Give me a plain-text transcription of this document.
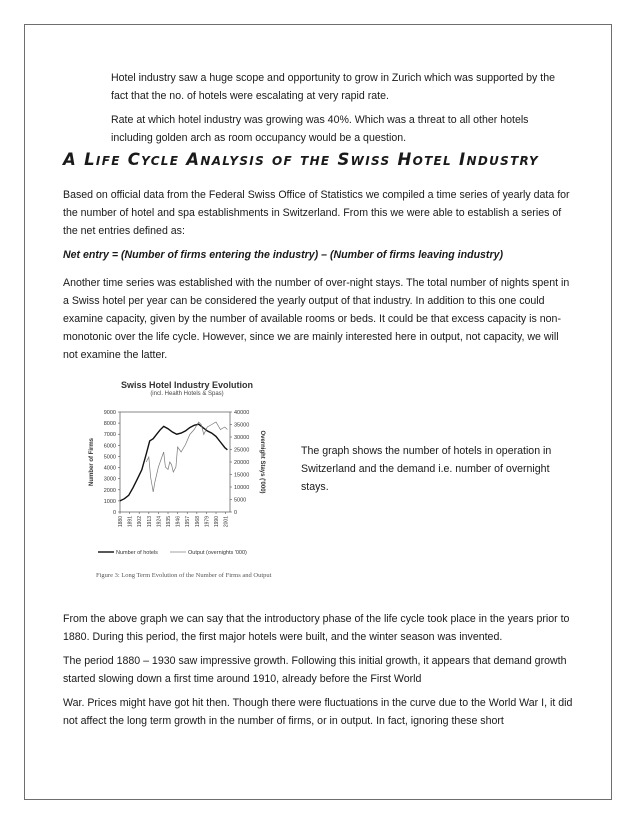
Hotel industry saw a huge scope and opportunity to grow in Zurich which was supported by the fact that the no. of hotels were escalating at very rapid rate.

Rate at which hotel industry was growing was 40%. Which was a threat to all other hotels including golden arch as room occupancy would be a question.

A Life Cycle Analysis of the Swiss Hotel Industry

Based on official data from the Federal Swiss Office of Statistics we compiled a time series of yearly data for the number of hotel and spa establishments in Switzerland. From this we were able to establish a series of the net entries defined as:

Net entry = (Number of firms entering the industry) – (Number of firms leaving industry)

Another time series was established with the number of over-night stays. The total number of nights spent in a Swiss hotel per year can be considered the yearly output of that industry. In addition to this one could examine capacity, given by the number of available rooms or beds. It could be that excess capacity is non-monotonic over the life cycle. However, since we are mainly interested here in output, not capacity, we will not examine the latter.

Swiss Hotel Industry Evolution
(incl. Health Hotels & Spas)
0
1000
2000
3000
4000
5000
6000
7000
8000
9000
0
5000
10000
15000
20000
25000
30000
35000
40000
1880 1891 1902 1913 1924 1935 1946 1957 1968 1979 1990 2001
Number of Firms	Overnight Stays ('000)
Number of hotels	Output (overnights '000)
Figure 3: Long Term Evolution of the Number of Firms and Output

The graph shows the number of hotels in operation in Switzerland and the demand i.e. number of overnight stays.

From the above graph we can say that the introductory phase of the life cycle took place in the years prior to 1880. During this period, the first major hotels were built, and the winter season was invented.

The period 1880 – 1930 saw impressive growth. Following this initial growth, it appears that demand growth started slowing down a first time around 1910, already before the First World

War. Prices might have got hit then. Though there were fluctuations in the curve due to the World War I, it did not affect the long term growth in the number of firms, or in output. In fact, ignoring these short
